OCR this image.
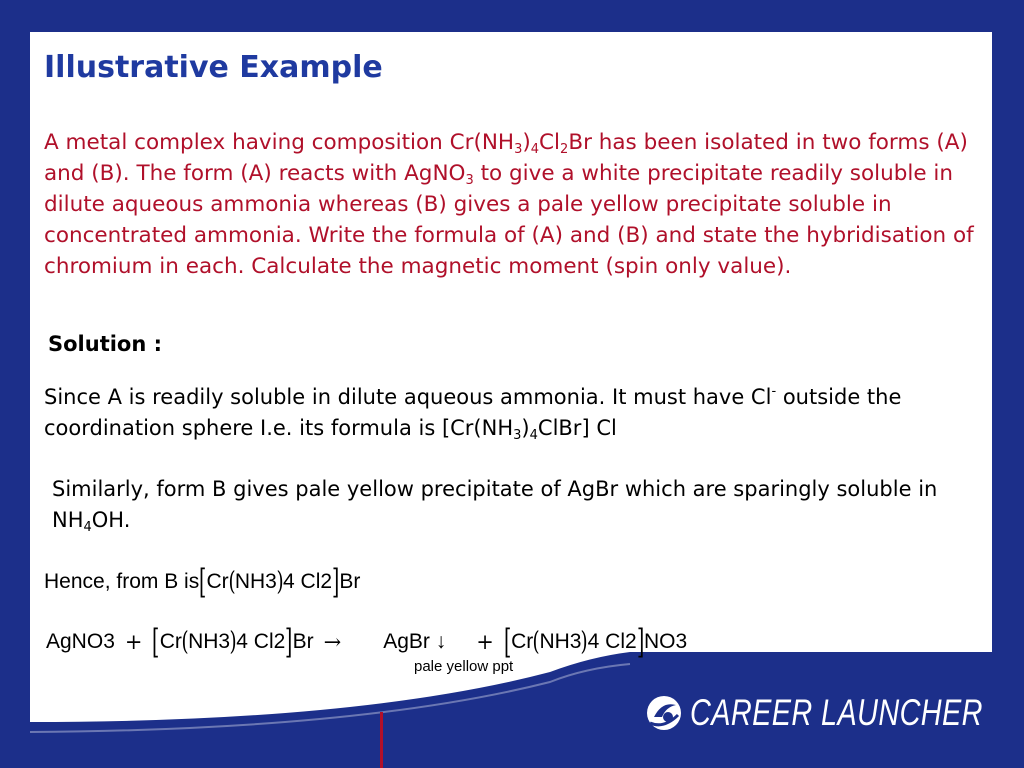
Illustrative Example

A metal complex having composition $Cr(NH_3)_4Cl_2Br$ has been isolated in two forms (A) and (B). The form (A) reacts with AgNO$_3$ to give a white precipitate readily soluble in dilute aqueous ammonia whereas (B) gives a pale yellow precipitate soluble in concentrated ammonia. Write the formula of (A) and (B) and state the hybridisation of chromium in each. Calculate the magnetic moment (spin only value).

Solution :

Since A is readily soluble in dilute aqueous ammonia. It must have Cl- outside the coordination sphere I.e. its formula is $[Cr(NH_3)_4ClBr]$ Cl

Similarly, form B gives pale yellow precipitate of AgBr which are sparingly soluble in $NH_4OH$.

Hence, from B is [ Cr ( NH 3 ) 4
Cl 2 ] Br
AgNO 3 + [ Cr ( NH 3 ) 4
Cl 2 ] Br → AgBr
↓ + [ Cr ( NH 3 ) 4
Cl 2 ] NO 3
pale yellow ppt
CAREER LAUNCHER
